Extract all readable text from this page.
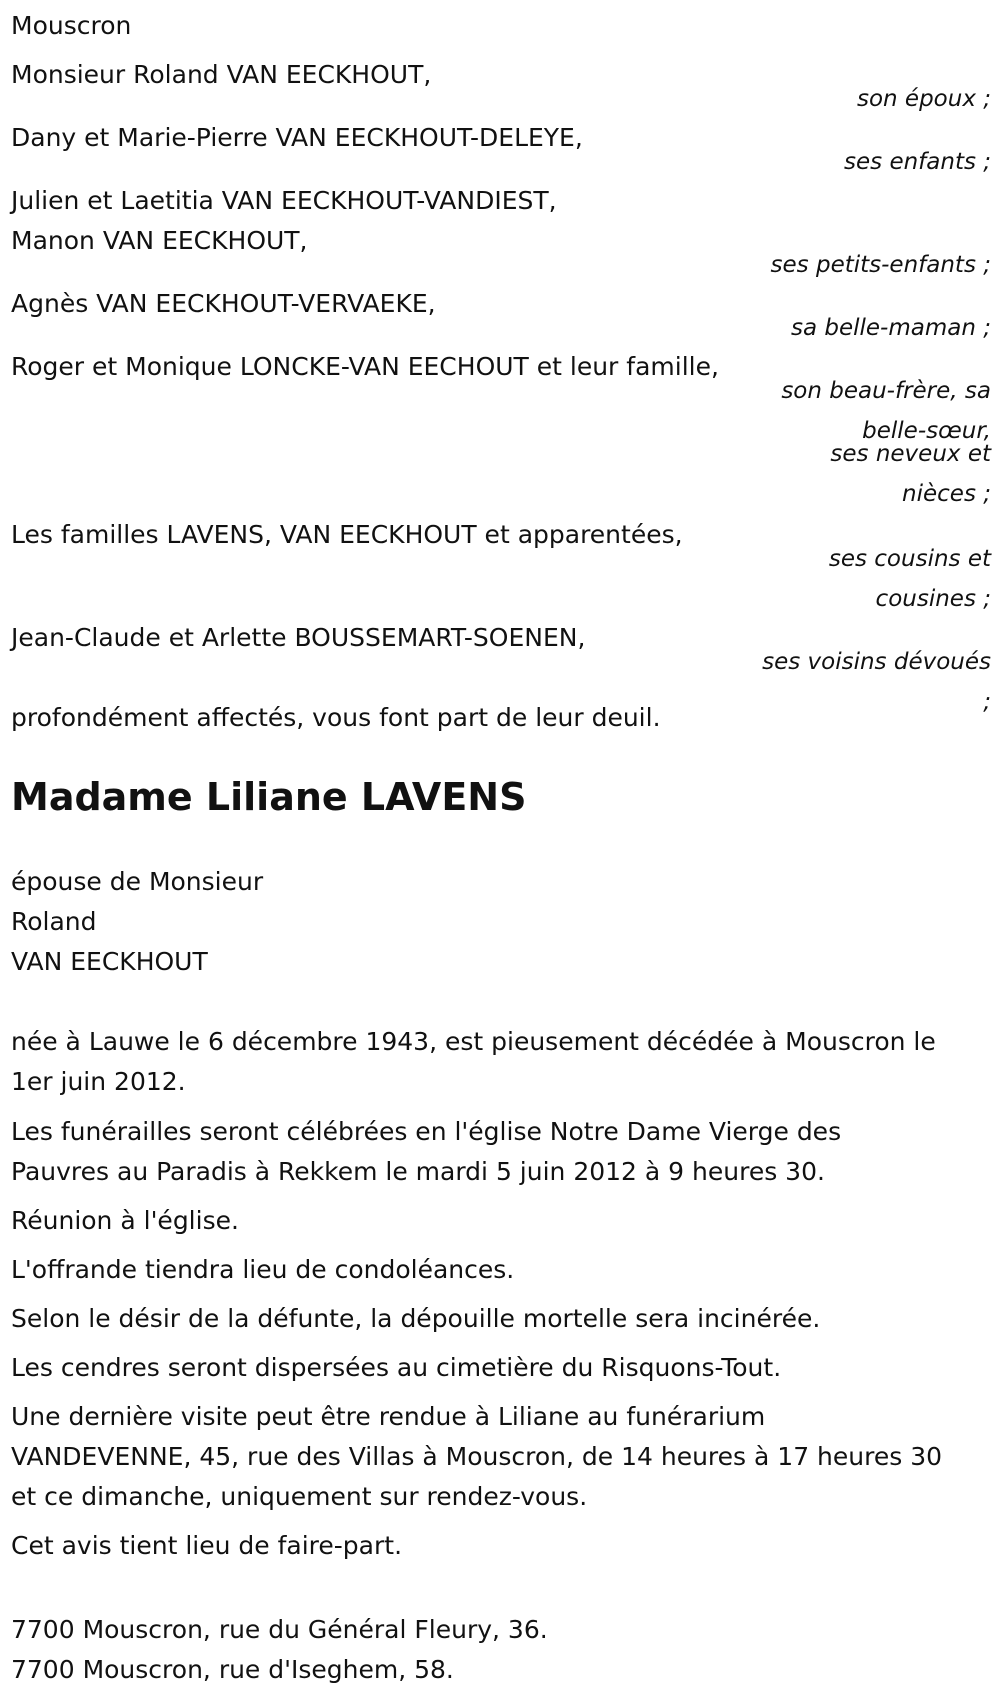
Mouscron
Monsieur Roland VAN EECKHOUT,
son époux ;
Dany et Marie-Pierre VAN EECKHOUT-DELEYE,
ses enfants ;
Julien et Laetitia VAN EECKHOUT-VANDIEST,
Manon VAN EECKHOUT,
ses petits-enfants ;
Agnès VAN EECKHOUT-VERVAEKE,
sa belle-maman ;
Roger et Monique LONCKE-VAN EECHOUT et leur famille,
son beau-frère, sa
belle-sœur,
ses neveux et
nièces ;
Les familles LAVENS, VAN EECKHOUT et apparentées,
ses cousins et
cousines ;
Jean-Claude et Arlette BOUSSEMART-SOENEN,
ses voisins dévoués
;
profondément affectés, vous font part de leur deuil.
Madame Liliane LAVENS
épouse de Monsieur
Roland
VAN EECKHOUT
née à Lauwe le 6 décembre 1943, est pieusement décédée à Mouscron le
1er juin 2012.
Les funérailles seront célébrées en l'église Notre Dame Vierge des
Pauvres au Paradis à Rekkem le mardi 5 juin 2012 à 9 heures 30.
Réunion à l'église.
L'offrande tiendra lieu de condoléances.
Selon le désir de la défunte, la dépouille mortelle sera incinérée.
Les cendres seront dispersées au cimetière du Risquons-Tout.
Une dernière visite peut être rendue à Liliane au funérarium
VANDEVENNE, 45, rue des Villas à Mouscron, de 14 heures à 17 heures 30
et ce dimanche, uniquement sur rendez-vous.
Cet avis tient lieu de faire-part.
7700 Mouscron, rue du Général Fleury, 36.
7700 Mouscron, rue d'Iseghem, 58.
